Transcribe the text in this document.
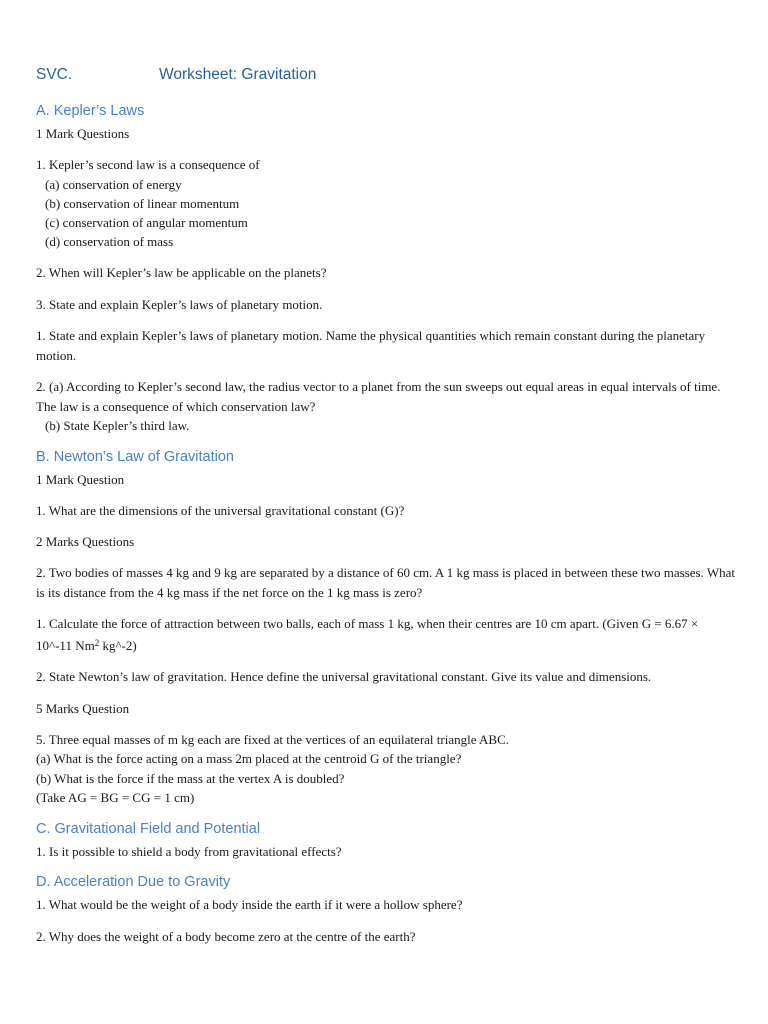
SVC.	Worksheet: Gravitation
A. Kepler’s Laws
1 Mark Questions
1. Kepler’s second law is a consequence of
(a) conservation of energy
(b) conservation of linear momentum
(c) conservation of angular momentum
(d) conservation of mass
2. When will Kepler’s law be applicable on the planets?
3. State and explain Kepler’s laws of planetary motion.
1. State and explain Kepler’s laws of planetary motion. Name the physical quantities which remain constant during the planetary motion.
2. (a) According to Kepler’s second law, the radius vector to a planet from the sun sweeps out equal areas in equal intervals of time. The law is a consequence of which conservation law?
(b) State Kepler’s third law.
B. Newton’s Law of Gravitation
1 Mark Question
1. What are the dimensions of the universal gravitational constant (G)?
2 Marks Questions
2. Two bodies of masses 4 kg and 9 kg are separated by a distance of 60 cm. A 1 kg mass is placed in between these two masses. What is its distance from the 4 kg mass if the net force on the 1 kg mass is zero?
1. Calculate the force of attraction between two balls, each of mass 1 kg, when their centres are 10 cm apart. (Given G = 6.67 × 10^-11 Nm$^2$ kg^-2)
2. State Newton’s law of gravitation. Hence define the universal gravitational constant. Give its value and dimensions.
5 Marks Question
5. Three equal masses of m kg each are fixed at the vertices of an equilateral triangle ABC.
(a) What is the force acting on a mass 2m placed at the centroid G of the triangle?
(b) What is the force if the mass at the vertex A is doubled?
(Take AG = BG = CG = 1 cm)
C. Gravitational Field and Potential
1. Is it possible to shield a body from gravitational effects?
D. Acceleration Due to Gravity
1. What would be the weight of a body inside the earth if it were a hollow sphere?
2. Why does the weight of a body become zero at the centre of the earth?
